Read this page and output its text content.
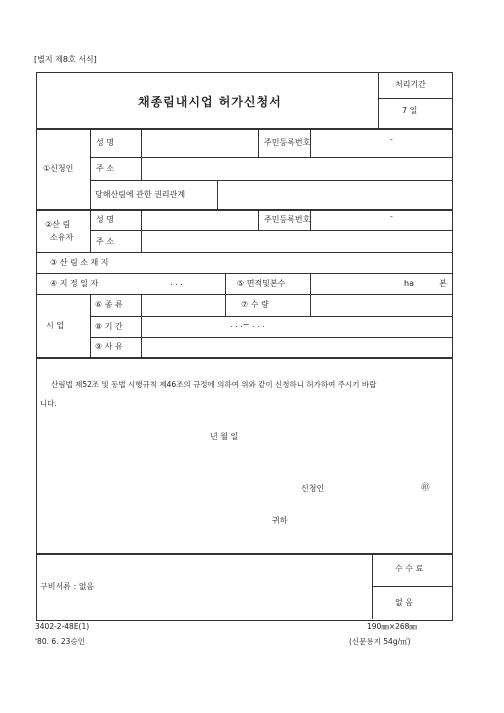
[별지 제8호 서식]
채종림내시업 허가신청서
처리기간
7 일
①신청인
성 명	주민등록번호	-
주 소
당해산림에 관한 권리관계
②산 림
소유자
성 명	주민등록번호	-
주 소
③ 산 림 소 재 지
④ 지 정 일 자	. . .	⑤ 면적및본수	ha	본
시 업
⑥ 종 류	⑦ 수 량
⑧ 기 간	. . .~ . . .
⑨ 사 유
산림법 제52조 및 동법 시행규칙 제46조의 규정에 의하여 위와 같이 신청하니 허가하여 주시기 바랍
니다.
년 월 일
신청인	㊞
귀하
구비서류 : 없음
수 수 료
없 음
3402-2-48E(1)	190㎜×268㎜
'80. 6. 23승인	(신문용지 54g/㎡)
